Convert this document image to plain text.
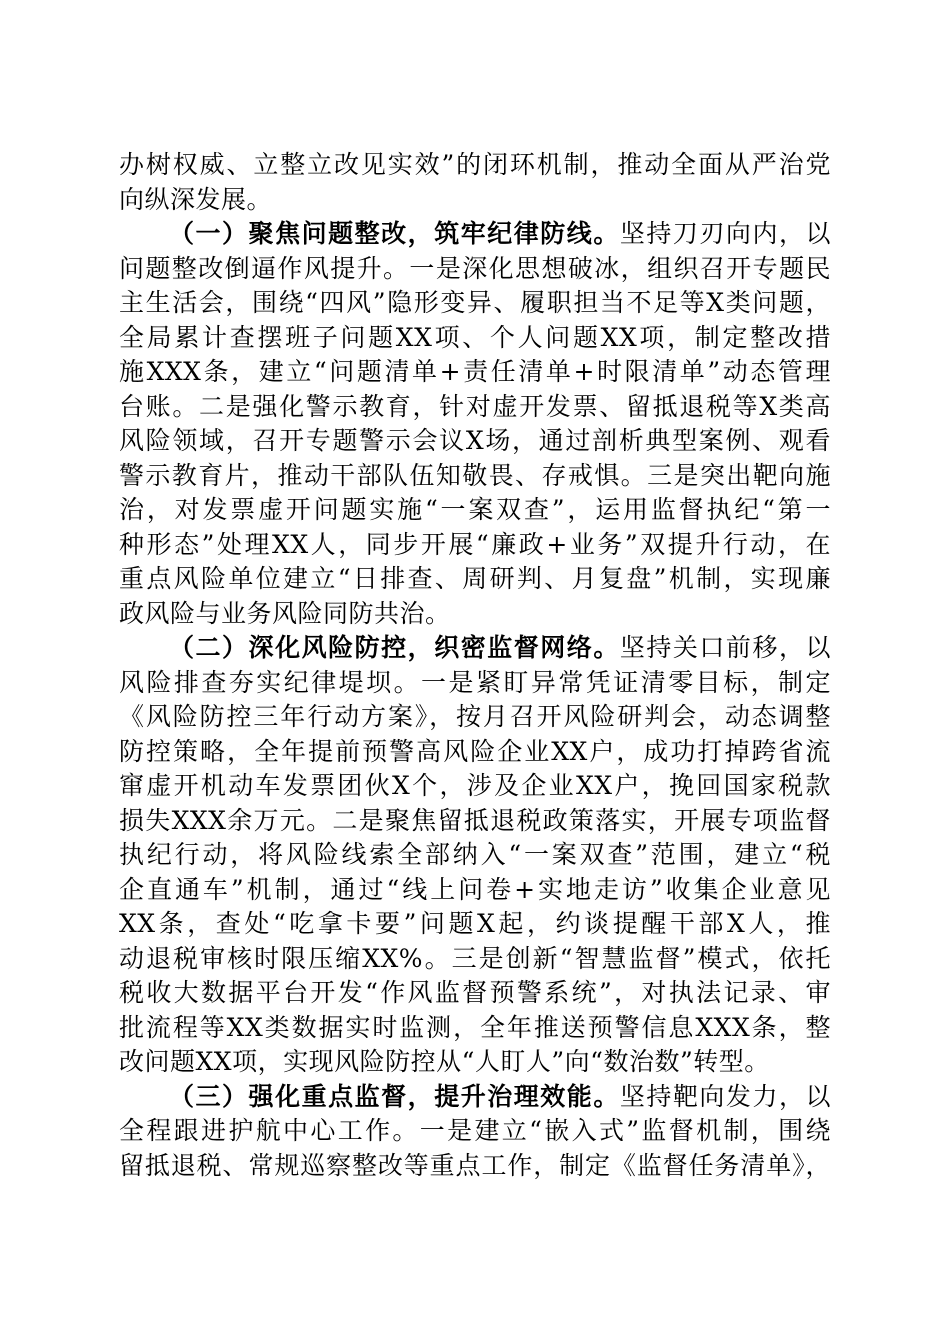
办树权威、立整立改见实效”的闭环机制，推动全面从严治党
向纵深发展。
（一）聚焦问题整改，筑牢纪律防线。坚持刀刃向内，以
问题整改倒逼作风提升。一是深化思想破冰，组织召开专题民
主生活会，围绕“四风”隐形变异、履职担当不足等X类问题，
全局累计查摆班子问题XX项、个人问题XX项，制定整改措
施XXX条，建立“问题清单+责任清单+时限清单”动态管理
台账。二是强化警示教育，针对虚开发票、留抵退税等X类高
风险领域，召开专题警示会议X场，通过剖析典型案例、观看
警示教育片，推动干部队伍知敬畏、存戒惧。三是突出靶向施
治，对发票虚开问题实施“一案双查”，运用监督执纪“第一
种形态”处理XX人，同步开展“廉政+业务”双提升行动，在
重点风险单位建立“日排查、周研判、月复盘”机制，实现廉
政风险与业务风险同防共治。
（二）深化风险防控，织密监督网络。坚持关口前移，以
风险排查夯实纪律堤坝。一是紧盯异常凭证清零目标，制定
《风险防控三年行动方案》，按月召开风险研判会，动态调整
防控策略，全年提前预警高风险企业XX户，成功打掉跨省流
窜虚开机动车发票团伙X个，涉及企业XX户，挽回国家税款
损失XXX余万元。二是聚焦留抵退税政策落实，开展专项监督
执纪行动，将风险线索全部纳入“一案双查”范围，建立“税
企直通车”机制，通过“线上问卷+实地走访”收集企业意见
XX条，查处“吃拿卡要”问题X起，约谈提醒干部X人，推
动退税审核时限压缩XX%。三是创新“智慧监督”模式，依托
税收大数据平台开发“作风监督预警系统”，对执法记录、审
批流程等XX类数据实时监测，全年推送预警信息XXX条，整
改问题XX项，实现风险防控从“人盯人”向“数治数”转型。
（三）强化重点监督，提升治理效能。坚持靶向发力，以
全程跟进护航中心工作。一是建立“嵌入式”监督机制，围绕
留抵退税、常规巡察整改等重点工作，制定《监督任务清单》，
